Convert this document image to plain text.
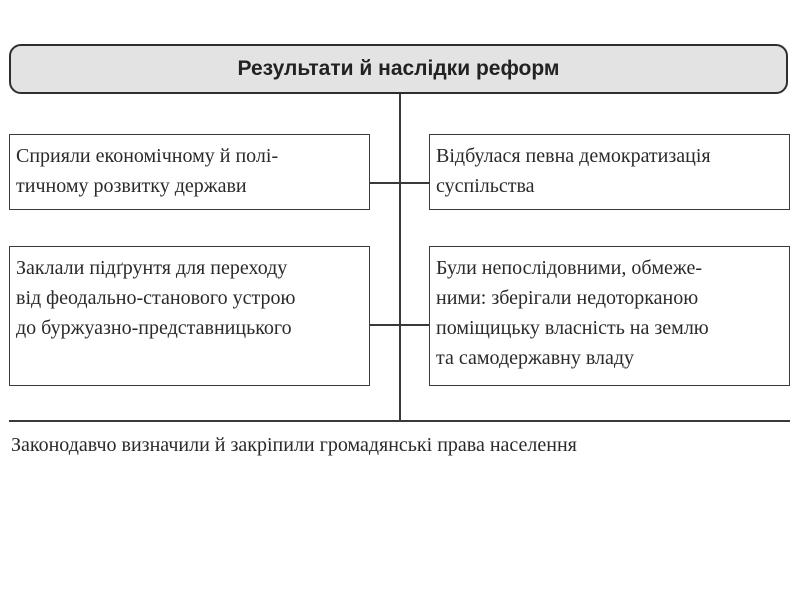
Результати й наслідки реформ
Сприяли економічному й полі-
тичному розвитку держави
Відбулася певна демократизація
суспільства
Заклали підґрунтя для переходу
від феодально-станового устрою
до буржуазно-представницького
Були непослідовними, обмеже-
ними: зберігали недоторканою
поміщицьку власність на землю
та самодержавну владу
Законодавчо визначили й закріпили громадянські права населення
